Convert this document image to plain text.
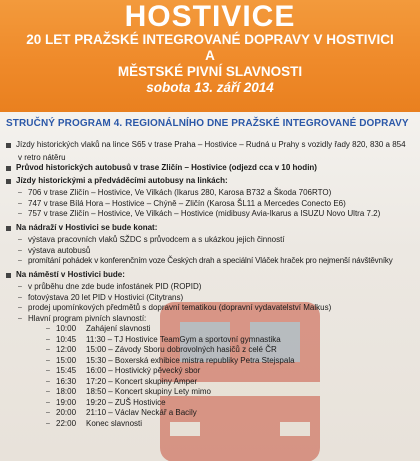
HOSTIVICE
20 LET PRAŽSKÉ INTEGROVANÉ DOPRAVY V HOSTIVICI
A
MĚSTSKÉ PIVNÍ SLAVNOSTI
sobota 13. září 2014
STRUČNÝ PROGRAM 4. REGIONÁLNÍHO DNE PRAŽSKÉ INTEGROVANÉ DOPRAVY
Jízdy historických vlaků na lince S65 v trase Praha – Hostivice – Rudná u Prahy s vozidly řady 820, 830 a 854
v retro nátěru
Průvod historických autobusů v trase Zličín – Hostivice (odjezd cca v 10 hodin)
Jízdy historickými a předváděcími autobusy na linkách:
– 706 v trase Zličín – Hostivice, Ve Vilkách (Ikarus 280, Karosa B732 a Škoda 706RTO)
– 747 v trase Bílá Hora – Hostivice – Chýně – Zličín (Karosa ŠL11 a Mercedes Conecto E6)
– 757 v trase Zličín – Hostivice, Ve Vilkách – Hostivice (midibusy Avia-Ikarus a ISUZU Novo Ultra 7.2)
Na nádraží v Hostivici se bude konat:
– výstava pracovních vlaků SŽDC s průvodcem a s ukázkou jejich činností
– výstava autobusů
– promítání pohádek v konferenčním voze Českých drah a speciální Vláček hraček pro nejmenší návštěvníky
Na náměstí v Hostivici bude:
– v průběhu dne zde bude infostánek PID (ROPID)
– fotovýstava 20 let PID v Hostivici (Citytrans)
– prodej upomínkových předmětů s dopravní tematikou (dopravní vydavatelství Malkus)
– Hlavní program pivních slavností:
– 10:00 Zahájení slavnosti
– 10:45 11:30 – TJ Hostivice TeamGym a sportovní gymnastika
– 12:00 15:00 – Závody Sboru dobrovolných hasičů z celé ČR
– 15:00 15:30 – Boxerská exhibice mistra republiky Petra Stejspala
– 15:45 16:00 – Hostivický pěvecký sbor
– 16:30 17:20 – Koncert skupiny Amper
– 18:00 18:50 – Koncert skupiny Lety mimo
– 19:00 19:20 – ZUŠ Hostivice
– 20:00 21:10 – Václav Neckář a Bacily
– 22:00 Konec slavnosti
